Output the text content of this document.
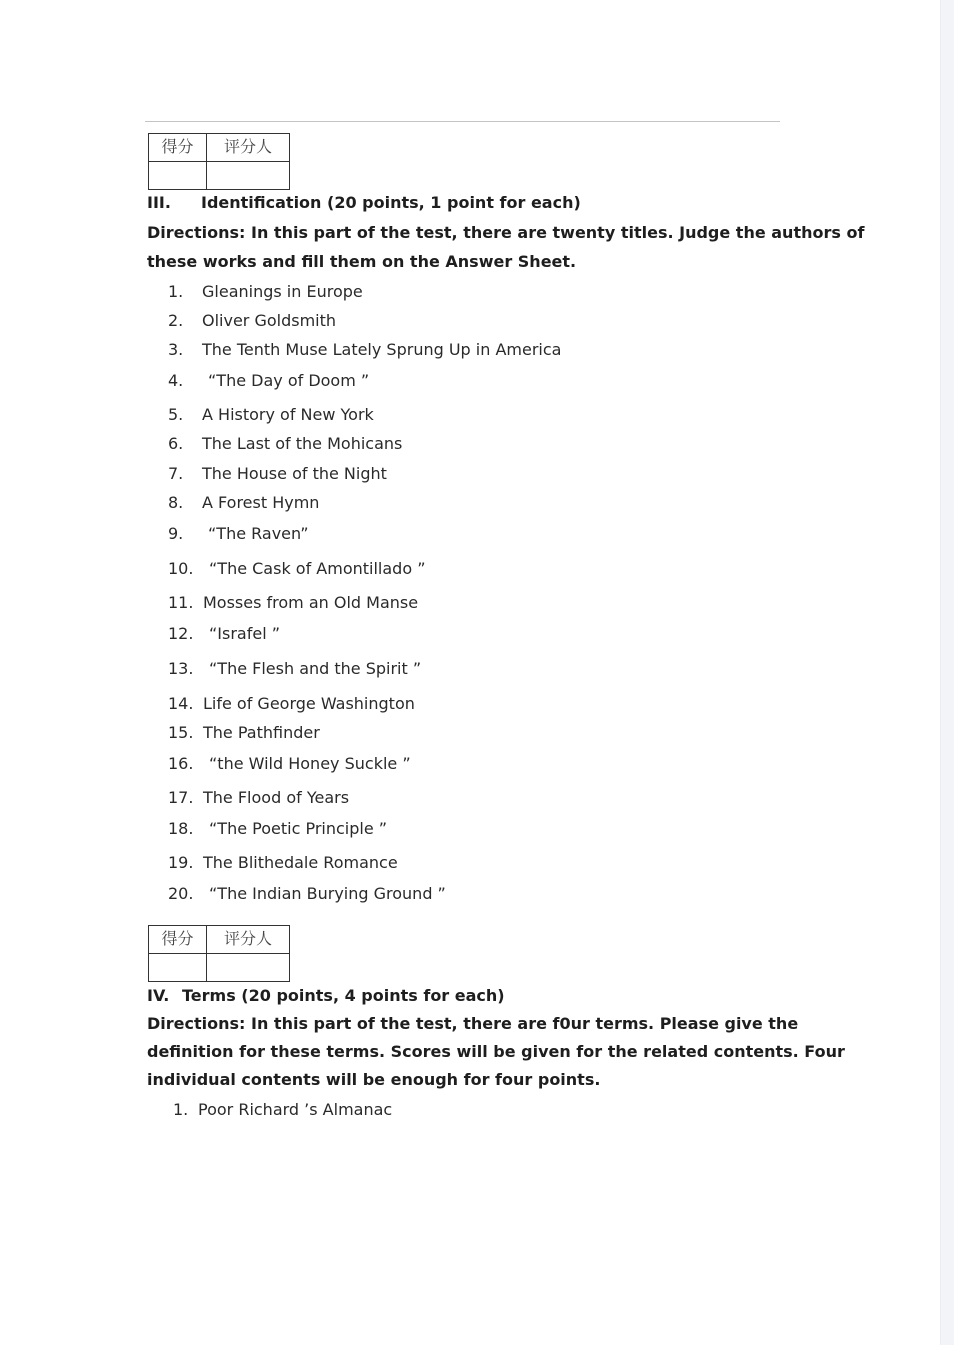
得分	评分人

III. Identification (20 points, 1 point for each)
Directions: In this part of the test, there are twenty titles. Judge the authors of
these works and fill them on the Answer Sheet.
1. Gleanings in Europe
2. Oliver Goldsmith
3. The Tenth Muse Lately Sprung Up in America
4. “The Day of Doom ”
5. A History of New York
6. The Last of the Mohicans
7. The House of the Night
8. A Forest Hymn
9. “The Raven”
10. “The Cask of Amontillado ”
11. Mosses from an Old Manse
12. “Israfel ”
13. “The Flesh and the Spirit ”
14. Life of George Washington
15. The Pathfinder
16. “the Wild Honey Suckle ”
17. The Flood of Years
18. “The Poetic Principle ”
19. The Blithedale Romance
20. “The Indian Burying Ground ”
得分	评分人

IV. Terms (20 points, 4 points for each)
Directions: In this part of the test, there are f0ur terms. Please give the
definition for these terms. Scores will be given for the related contents. Four
individual contents will be enough for four points.
1. Poor Richard ’s Almanac
